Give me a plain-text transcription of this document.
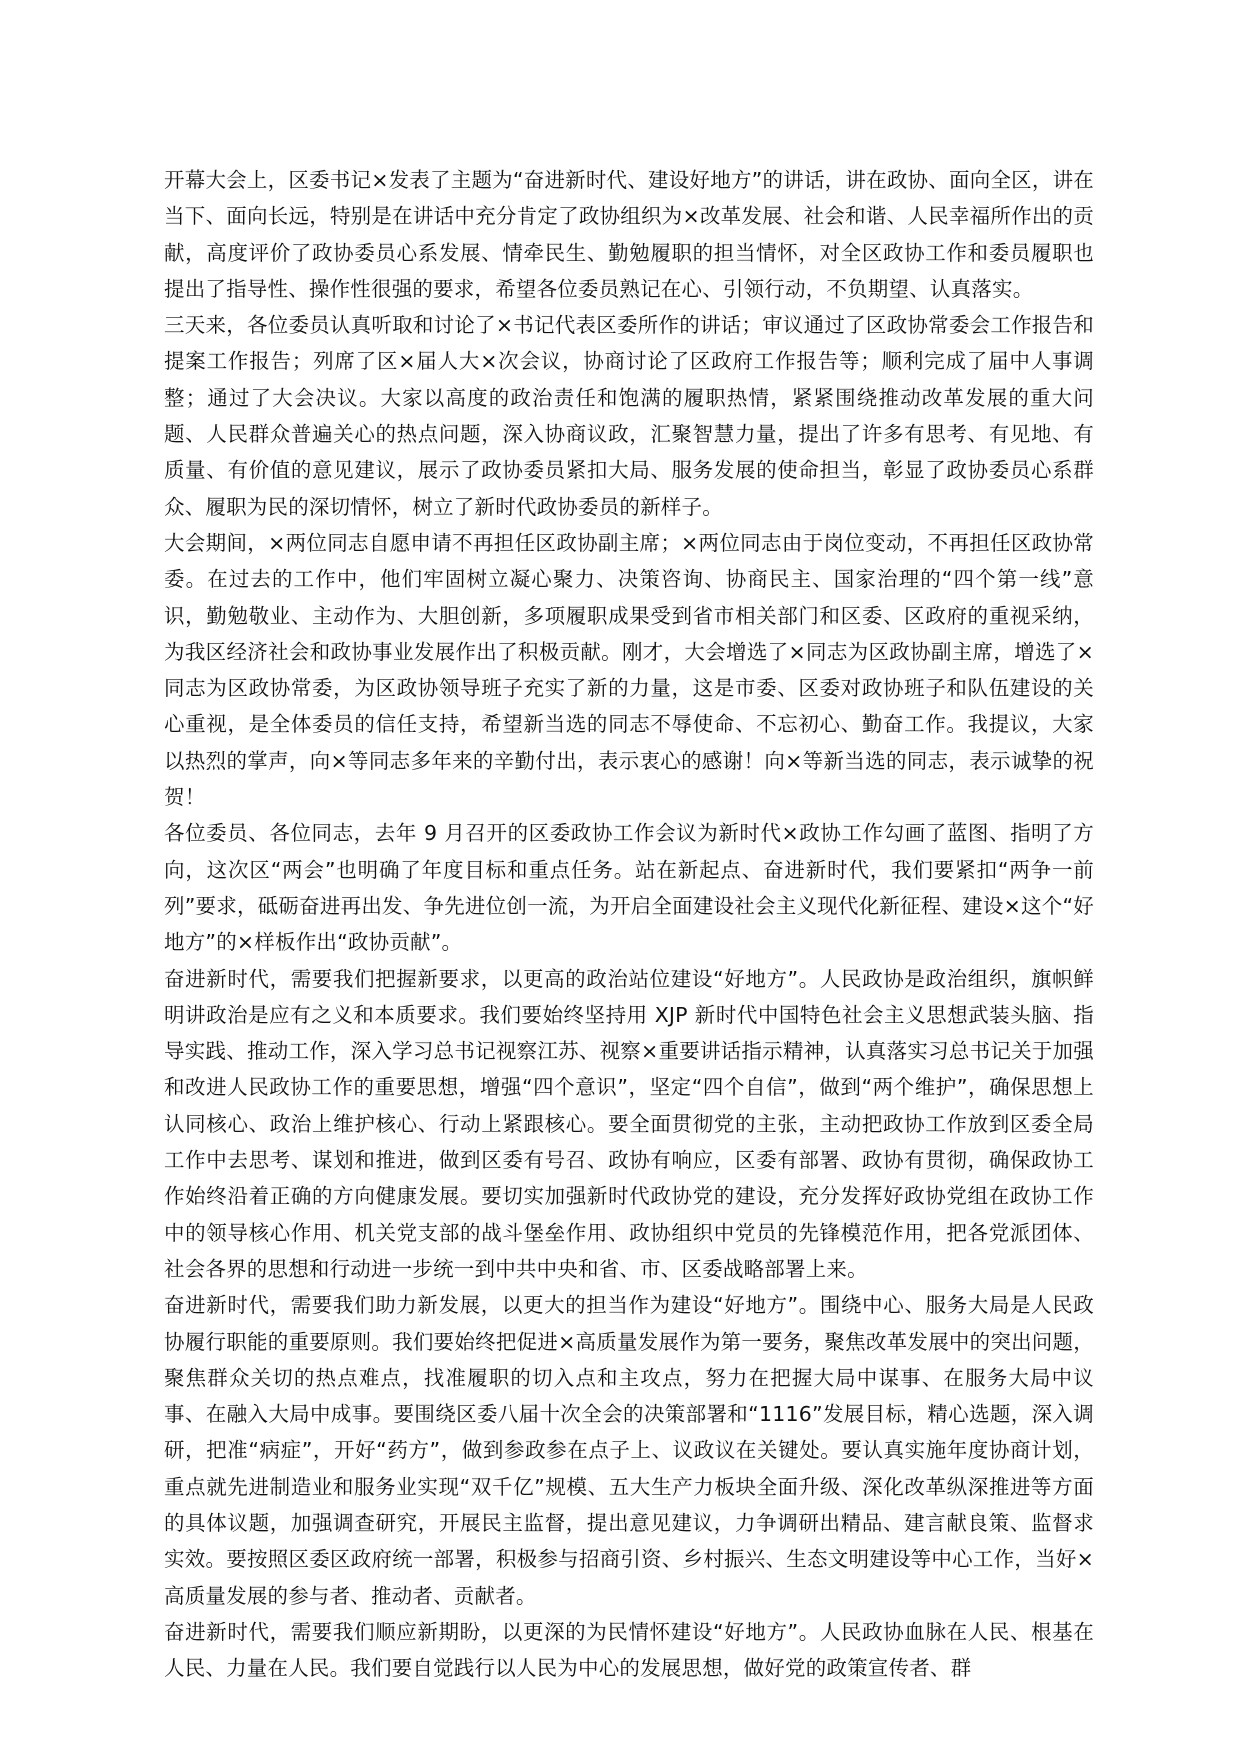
开幕大会上，区委书记×发表了主题为“奋进新时代、建设好地方”的讲话，讲在政协、面向全区，讲在当下、面向长远，特别是在讲话中充分肯定了政协组织为×改革发展、社会和谐、人民幸福所作出的贡献，高度评价了政协委员心系发展、情牵民生、勤勉履职的担当情怀，对全区政协工作和委员履职也提出了指导性、操作性很强的要求，希望各位委员熟记在心、引领行动，不负期望、认真落实。

三天来，各位委员认真听取和讨论了×书记代表区委所作的讲话；审议通过了区政协常委会工作报告和提案工作报告；列席了区×届人大×次会议，协商讨论了区政府工作报告等；顺利完成了届中人事调整；通过了大会决议。大家以高度的政治责任和饱满的履职热情，紧紧围绕推动改革发展的重大问题、人民群众普遍关心的热点问题，深入协商议政，汇聚智慧力量，提出了许多有思考、有见地、有质量、有价值的意见建议，展示了政协委员紧扣大局、服务发展的使命担当，彰显了政协委员心系群众、履职为民的深切情怀，树立了新时代政协委员的新样子。

大会期间，×两位同志自愿申请不再担任区政协副主席；×两位同志由于岗位变动，不再担任区政协常委。在过去的工作中，他们牢固树立凝心聚力、决策咨询、协商民主、国家治理的“四个第一线”意识，勤勉敬业、主动作为、大胆创新，多项履职成果受到省市相关部门和区委、区政府的重视采纳，为我区经济社会和政协事业发展作出了积极贡献。刚才，大会增选了×同志为区政协副主席，增选了×同志为区政协常委，为区政协领导班子充实了新的力量，这是市委、区委对政协班子和队伍建设的关心重视，是全体委员的信任支持，希望新当选的同志不辱使命、不忘初心、勤奋工作。我提议，大家以热烈的掌声，向×等同志多年来的辛勤付出，表示衷心的感谢！向×等新当选的同志，表示诚挚的祝贺！

各位委员、各位同志，去年 9 月召开的区委政协工作会议为新时代×政协工作勾画了蓝图、指明了方向，这次区“两会”也明确了年度目标和重点任务。站在新起点、奋进新时代，我们要紧扣“两争一前列”要求，砥砺奋进再出发、争先进位创一流，为开启全面建设社会主义现代化新征程、建设×这个“好地方”的×样板作出“政协贡献”。

奋进新时代，需要我们把握新要求，以更高的政治站位建设“好地方”。人民政协是政治组织，旗帜鲜明讲政治是应有之义和本质要求。我们要始终坚持用 XJP 新时代中国特色社会主义思想武装头脑、指导实践、推动工作，深入学习总书记视察江苏、视察×重要讲话指示精神，认真落实习总书记关于加强和改进人民政协工作的重要思想，增强“四个意识”，坚定“四个自信”，做到“两个维护”，确保思想上认同核心、政治上维护核心、行动上紧跟核心。要全面贯彻党的主张，主动把政协工作放到区委全局工作中去思考、谋划和推进，做到区委有号召、政协有响应，区委有部署、政协有贯彻，确保政协工作始终沿着正确的方向健康发展。要切实加强新时代政协党的建设，充分发挥好政协党组在政协工作中的领导核心作用、机关党支部的战斗堡垒作用、政协组织中党员的先锋模范作用，把各党派团体、社会各界的思想和行动进一步统一到中共中央和省、市、区委战略部署上来。

奋进新时代，需要我们助力新发展，以更大的担当作为建设“好地方”。围绕中心、服务大局是人民政协履行职能的重要原则。我们要始终把促进×高质量发展作为第一要务，聚焦改革发展中的突出问题，聚焦群众关切的热点难点，找准履职的切入点和主攻点，努力在把握大局中谋事、在服务大局中议事、在融入大局中成事。要围绕区委八届十次全会的决策部署和“1116”发展目标，精心选题，深入调研，把准“病症”，开好“药方”，做到参政参在点子上、议政议在关键处。要认真实施年度协商计划，重点就先进制造业和服务业实现“双千亿”规模、五大生产力板块全面升级、深化改革纵深推进等方面的具体议题，加强调查研究，开展民主监督，提出意见建议，力争调研出精品、建言献良策、监督求实效。要按照区委区政府统一部署，积极参与招商引资、乡村振兴、生态文明建设等中心工作，当好×高质量发展的参与者、推动者、贡献者。

奋进新时代，需要我们顺应新期盼，以更深的为民情怀建设“好地方”。人民政协血脉在人民、根基在人民、力量在人民。我们要自觉践行以人民为中心的发展思想，做好党的政策宣传者、群
